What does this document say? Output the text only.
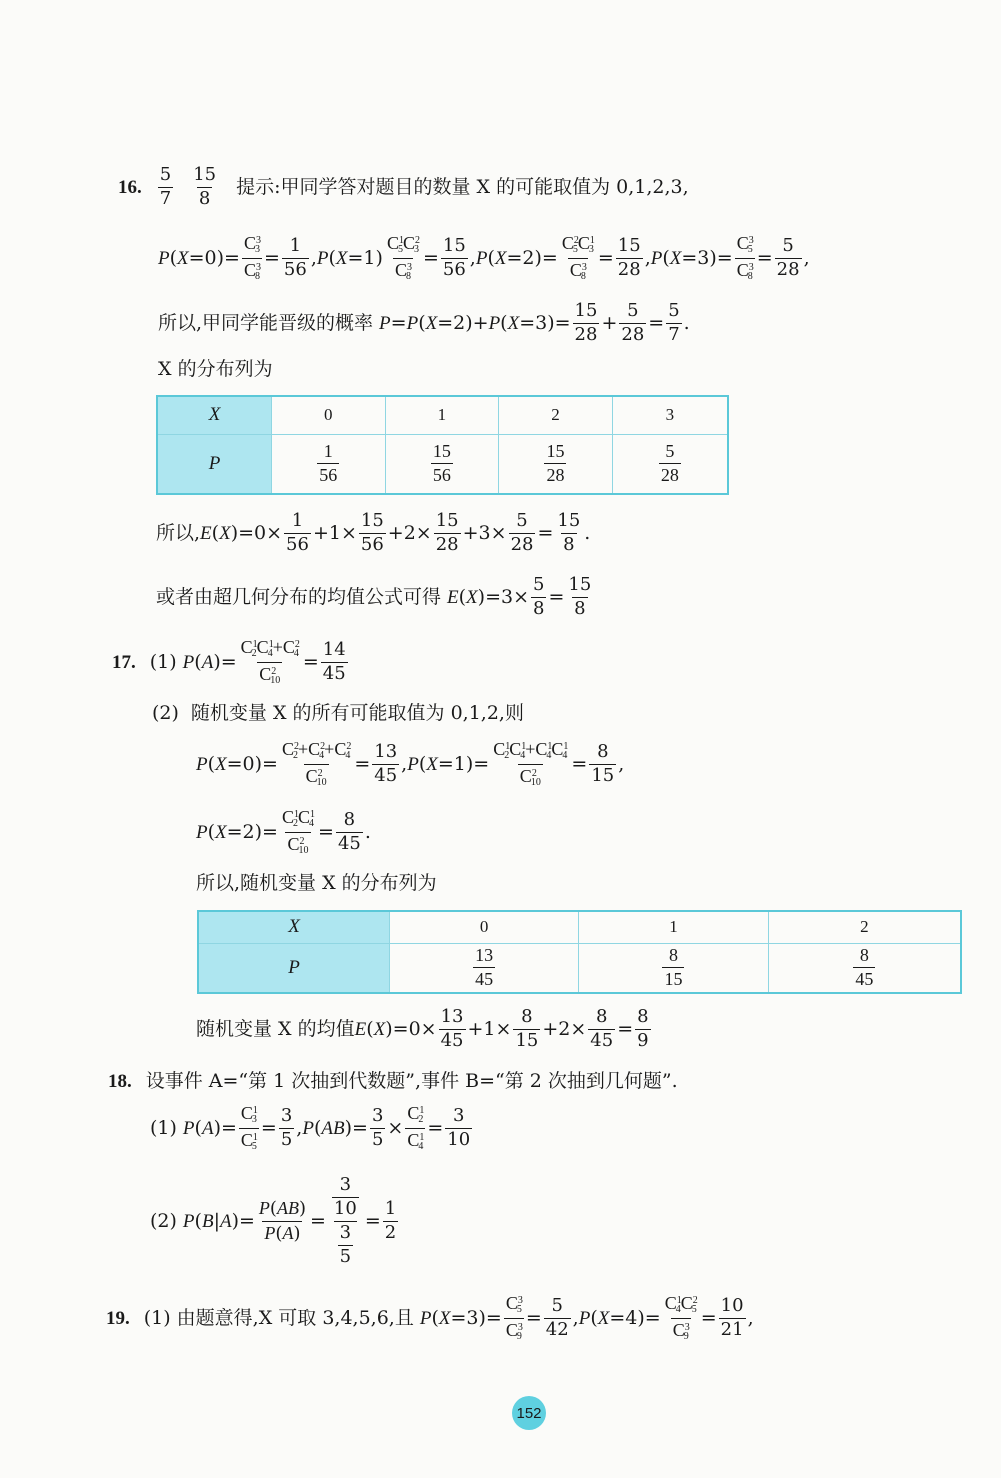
16. $\frac{5}{7} \frac{15}{8}$ 提示:甲同学答对题目的数量 X 的可能取值为 0,1,2,3,
P ( $X =0)= \frac{C^3_3}{C^3_8} = \frac{1}{56}$ , P ( $X =1) \frac{C^1_5C^2_3}{C^3_8} = \frac{15}{56}$ , P ( $X =2)= \frac{C^2_5C^1_3}{C^3_8} = \frac{15}{28}$ , P ( $X =3)= \frac{C^3_5}{C^3_8} = \frac{5}{28}$ ,
所以,甲同学能晋级的概率 P = P ( X =2)+ P ( $X =3)= \frac{15}{28} + \frac{5}{28} = \frac{5}{7}$ .
X 的分布列为
X	0	1	2	3
P	$\frac{1}{56}$	$\frac{15}{56}$	$\frac{15}{28}$	$\frac{5}{28}$
所以, E ( X )$=0\times \frac{1}{56} +1\times \frac{15}{56} +2\times \frac{15}{28} +3\times \frac{5}{28} = \frac{15}{8}$ .
或者由超几何分布的均值公式可得 E ( X )$=3\times \frac{5}{8} = \frac{15}{8}$
17. (1) P ( A )= $\frac{C^1_2C^1_4+C^2_4}{C^2_{10}} = \frac{14}{45}$
(2) 随机变量 X 的所有可能取值为 0,1,2,则
P ( $X =0)= \frac{C^2_2+C^2_4+C^2_4}{C^2_{10}} = \frac{13}{45}$ , P ( $X =1)= \frac{C^1_2C^1_4+C^1_4C^1_4}{C^2_{10}} = \frac{8}{15}$ ,
P ( $X =2)= \frac{C^1_2C^1_4}{C^2_{10}} = \frac{8}{45}$ .
所以,随机变量 X 的分布列为
X	0	1	2
P	$\frac{13}{45}$	$\frac{8}{15}$	$\frac{8}{45}$
随机变量 X 的均值 E ( X )$=0\times \frac{13}{45} +1\times \frac{8}{15} +2\times \frac{8}{45} = \frac{8}{9}$
18. 设事件 A=“第 1 次抽到代数题”,事件 B=“第 2 次抽到几何题”.
(1) P ( A )= $\frac{C^1_3}{C^1_5} = \frac{3}{5}$ , P ( AB )= $\frac{3}{5} \times \frac{C^1_2}{C^1_4} = \frac{3}{10}$
(2) P ( B | A )= $\frac{P(AB)}{P(A)} = \frac{\frac{3}{10}}{\frac{3}{5}} = \frac{1}{2}$
19. (1) 由题意得,X 可取 3,4,5,6,且 P ( $X =3)= \frac{C^3_5}{C^3_9} = \frac{5}{42}$ , P ( $X =4)= \frac{C^1_4C^2_5}{C^3_9} = \frac{10}{21}$ ,
152
